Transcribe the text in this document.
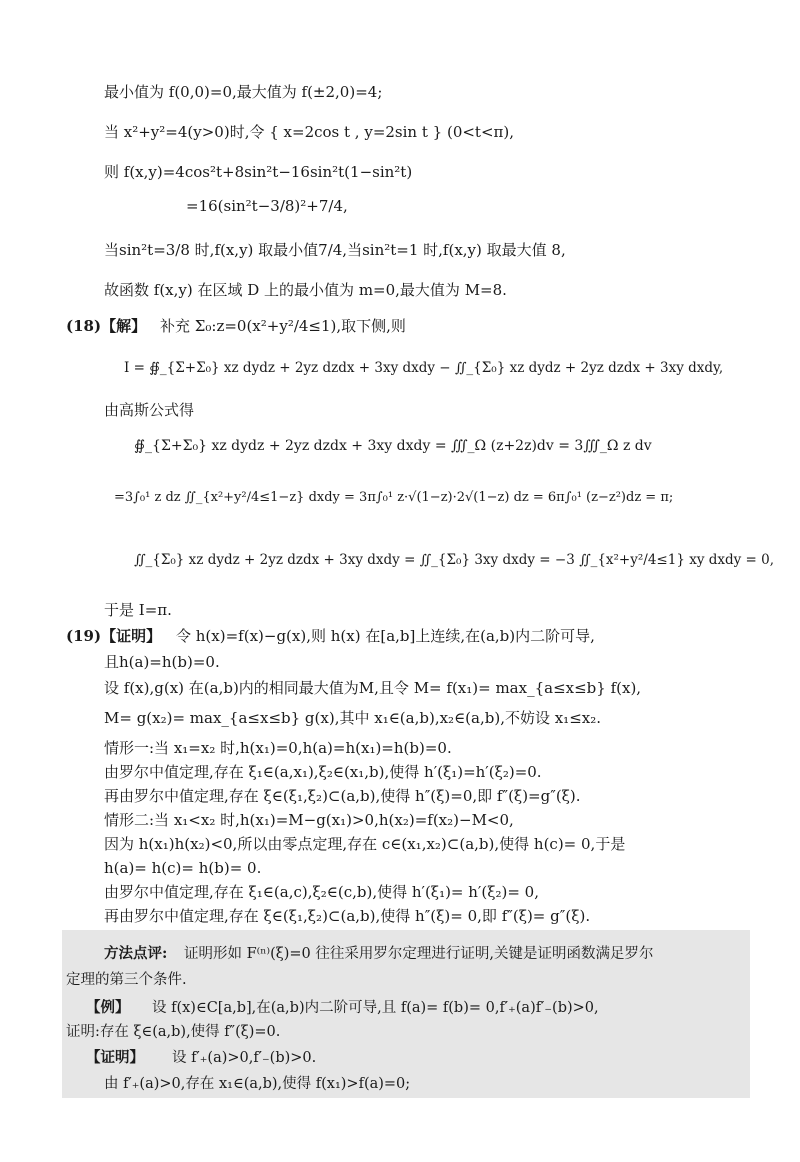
最小值为 f(0,0)=0,最大值为 f(±2,0)=4;
当 x²+y²=4(y>0)时,令 { x=2cos t , y=2sin t } (0<t<π),
则 f(x,y)=4cos²t+8sin²t−16sin²t(1−sin²t)
=16(sin²t−3/8)²+7/4,
当sin²t=3/8 时,f(x,y) 取最小值7/4,当sin²t=1 时,f(x,y) 取最大值 8,
故函数 f(x,y) 在区域 D 上的最小值为 m=0,最大值为 M=8.
(18)【解】 补充 Σ₀:z=0(x²+y²/4≤1),取下侧,则
I = ∯_{Σ+Σ₀} xz dydz + 2yz dzdx + 3xy dxdy − ∬_{Σ₀} xz dydz + 2yz dzdx + 3xy dxdy,
由高斯公式得
∯_{Σ+Σ₀} xz dydz + 2yz dzdx + 3xy dxdy = ∭_Ω (z+2z)dv = 3∭_Ω z dv
=3∫₀¹ z dz ∬_{x²+y²/4≤1−z} dxdy = 3π∫₀¹ z·√(1−z)·2√(1−z) dz = 6π∫₀¹ (z−z²)dz = π;
∬_{Σ₀} xz dydz + 2yz dzdx + 3xy dxdy = ∬_{Σ₀} 3xy dxdy = −3 ∬_{x²+y²/4≤1} xy dxdy = 0,
于是 I=π.
(19)【证明】 令 h(x)=f(x)−g(x),则 h(x) 在[a,b]上连续,在(a,b)内二阶可导,
且h(a)=h(b)=0.
设 f(x),g(x) 在(a,b)内的相同最大值为M,且令 M= f(x₁)= max_{a≤x≤b} f(x),
M= g(x₂)= max_{a≤x≤b} g(x),其中 x₁∈(a,b),x₂∈(a,b),不妨设 x₁≤x₂.
情形一:当 x₁=x₂ 时,h(x₁)=0,h(a)=h(x₁)=h(b)=0.
由罗尔中值定理,存在 ξ₁∈(a,x₁),ξ₂∈(x₁,b),使得 h′(ξ₁)=h′(ξ₂)=0.
再由罗尔中值定理,存在 ξ∈(ξ₁,ξ₂)⊂(a,b),使得 h″(ξ)=0,即 f″(ξ)=g″(ξ).
情形二:当 x₁<x₂ 时,h(x₁)=M−g(x₁)>0,h(x₂)=f(x₂)−M<0,
因为 h(x₁)h(x₂)<0,所以由零点定理,存在 c∈(x₁,x₂)⊂(a,b),使得 h(c)= 0,于是
h(a)= h(c)= h(b)= 0.
由罗尔中值定理,存在 ξ₁∈(a,c),ξ₂∈(c,b),使得 h′(ξ₁)= h′(ξ₂)= 0,
再由罗尔中值定理,存在 ξ∈(ξ₁,ξ₂)⊂(a,b),使得 h″(ξ)= 0,即 f″(ξ)= g″(ξ).
方法点评: 证明形如 F⁽ⁿ⁾(ξ)=0 往往采用罗尔定理进行证明,关键是证明函数满足罗尔
定理的第三个条件.
【例】 设 f(x)∈C[a,b],在(a,b)内二阶可导,且 f(a)= f(b)= 0,f′₊(a)f′₋(b)>0,
证明:存在 ξ∈(a,b),使得 f″(ξ)=0.
【证明】 设 f′₊(a)>0,f′₋(b)>0.
由 f′₊(a)>0,存在 x₁∈(a,b),使得 f(x₁)>f(a)=0;
